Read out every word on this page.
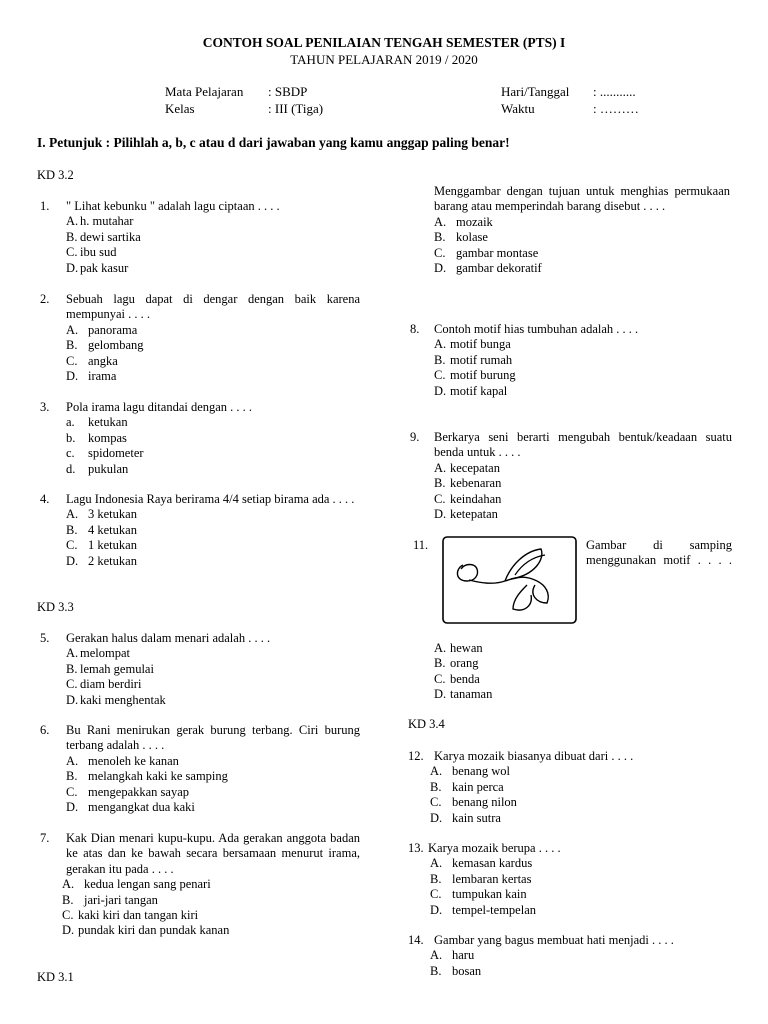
CONTOH SOAL PENILAIAN TENGAH SEMESTER (PTS) I
TAHUN PELAJARAN 2019 / 2020
Mata Pelajaran : SBDP
Kelas	: III (Tiga)
Hari/Tanggal : ...........
Waktu	: ………
I. Petunjuk : Pilihlah a, b, c atau d dari jawaban yang kamu anggap paling benar!
KD 3.2
1.	" Lihat kebunku " adalah lagu ciptaan . . . .
A. h. mutahar
B. dewi sartika
C. ibu sud
D. pak kasur
2.	Sebuah lagu dapat di dengar dengan baik karena mempunyai . . . .
A. panorama
B. gelombang
C. angka
D. irama
3.	Pola irama lagu ditandai dengan . . . .
a.	ketukan
b.	kompas
c.	spidometer
d.	pukulan
4.	Lagu Indonesia Raya berirama 4/4 setiap birama ada . . . .
A. 3 ketukan
B. 4 ketukan
C. 1 ketukan
D. 2 ketukan
KD 3.3
5.	Gerakan halus dalam menari adalah . . . .
A. melompat
B. lemah gemulai
C. diam berdiri
D. kaki menghentak
6.	Bu Rani menirukan gerak burung terbang. Ciri burung terbang adalah . . . .
A. menoleh ke kanan
B. melangkah kaki ke samping
C. mengepakkan sayap
D. mengangkat dua kaki
7.	Kak Dian menari kupu-kupu. Ada gerakan anggota badan ke atas dan ke bawah secara bersamaan menurut irama, gerakan itu pada . . . .
A. kedua lengan sang penari
B. jari-jari tangan
C. kaki kiri dan tangan kiri
D. pundak kiri dan pundak kanan
KD 3.1
Menggambar dengan tujuan untuk menghias permukaan barang atau memperindah barang disebut . . . .
A. mozaik
B. kolase
C. gambar montase
D. gambar dekoratif
8.	Contoh motif hias tumbuhan adalah . . . .
A. motif bunga
B. motif rumah
C. motif burung
D. motif kapal
9.	Berkarya seni berarti mengubah bentuk/keadaan suatu benda untuk . . . .
A. kecepatan
B. kebenaran
C. keindahan
D. ketepatan
11.	Gambar di samping menggunakan motif . . . .
A. hewan
B. orang
C. benda
D. tanaman
KD 3.4
12. Karya mozaik biasanya dibuat dari . . . .
A. benang wol
B. kain perca
C. benang nilon
D. kain sutra
13. Karya mozaik berupa . . . .
A. kemasan kardus
B. lembaran kertas
C. tumpukan kain
D. tempel-tempelan
14. Gambar yang bagus membuat hati menjadi . . . .
A. haru
B. bosan
